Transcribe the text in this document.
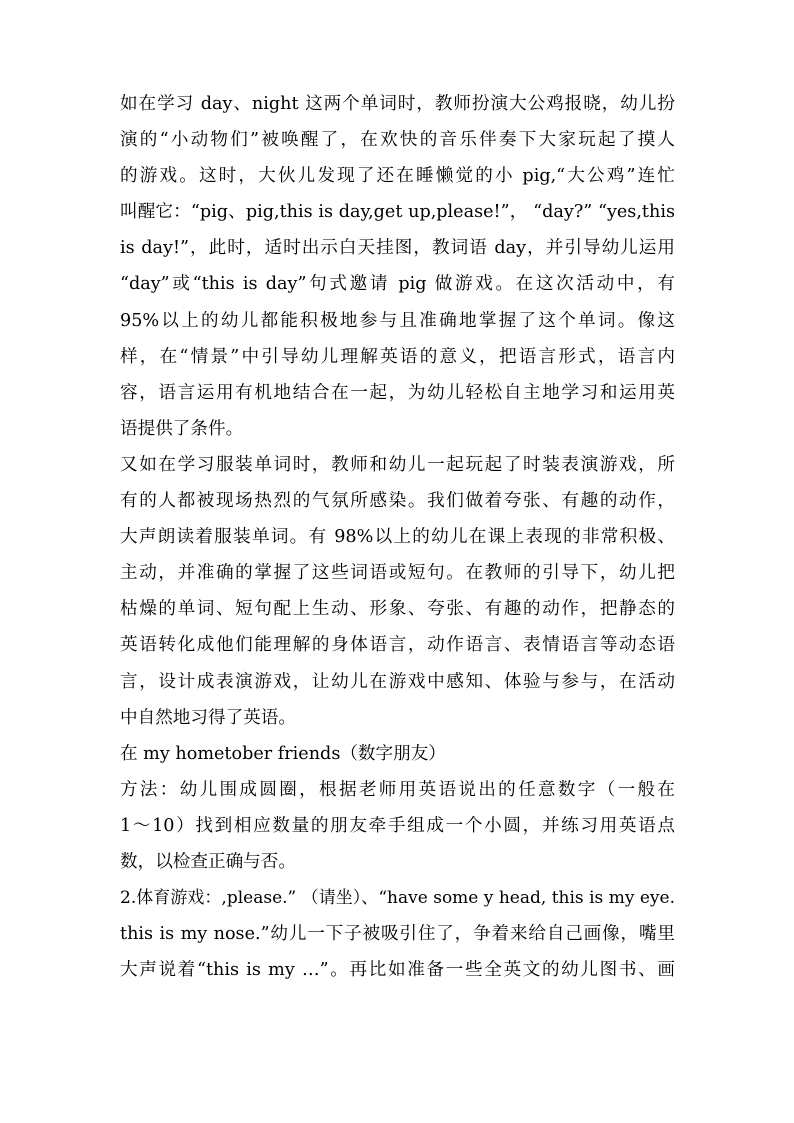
如在学习 day、night 这两个单词时，教师扮演大公鸡报晓，幼儿扮
演的“小动物们”被唤醒了，在欢快的音乐伴奏下大家玩起了摸人
的游戏。这时，大伙儿发现了还在睡懒觉的小 pig,“大公鸡”连忙
叫醒它：“pig、pig,this is day,get up,please!”， “day?” “yes,this
is day!”，此时，适时出示白天挂图，教词语 day，并引导幼儿运用
“day”或“this is day”句式邀请 pig 做游戏。在这次活动中，有
95%以上的幼儿都能积极地参与且准确地掌握了这个单词。像这
样，在“情景”中引导幼儿理解英语的意义，把语言形式，语言内
容，语言运用有机地结合在一起，为幼儿轻松自主地学习和运用英
语提供了条件。
又如在学习服装单词时，教师和幼儿一起玩起了时装表演游戏，所
有的人都被现场热烈的气氛所感染。我们做着夸张、有趣的动作，
大声朗读着服装单词。有 98%以上的幼儿在课上表现的非常积极、
主动，并准确的掌握了这些词语或短句。在教师的引导下，幼儿把
枯燥的单词、短句配上生动、形象、夸张、有趣的动作，把静态的
英语转化成他们能理解的身体语言，动作语言、表情语言等动态语
言，设计成表演游戏，让幼儿在游戏中感知、体验与参与，在活动
中自然地习得了英语。
在 my hometober friends（数字朋友）
方法：幼儿围成圆圈，根据老师用英语说出的任意数字（一般在
1～10）找到相应数量的朋友牵手组成一个小圆，并练习用英语点
数，以检查正确与否。
2.体育游戏：,please.” （请坐）、“have some y head, this is my eye.
this is my nose.”幼儿一下子被吸引住了，争着来给自己画像，嘴里
大声说着“this is my …”。再比如准备一些全英文的幼儿图书、画
